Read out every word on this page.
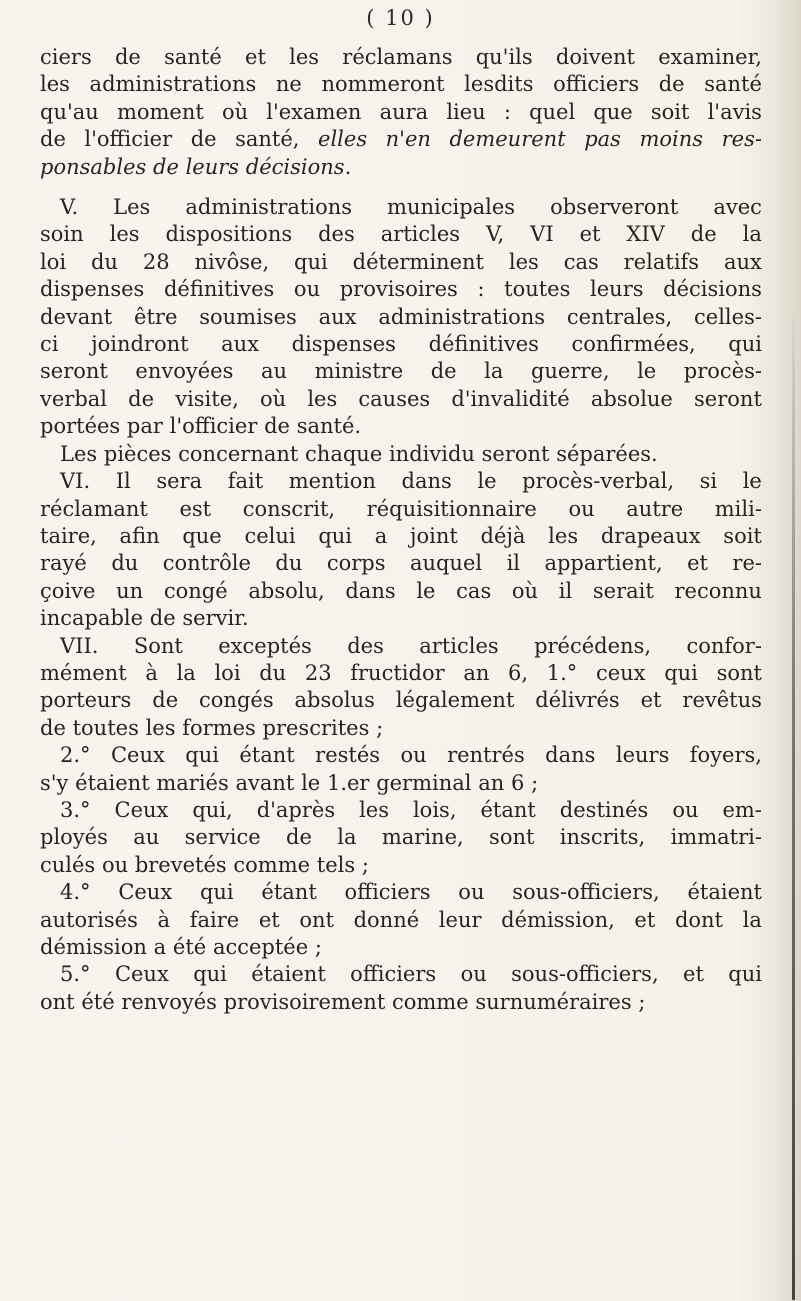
( 10 )
ciers de santé et les réclamans qu'ils doivent examiner,
les administrations ne nommeront lesdits officiers de santé
qu'au moment où l'examen aura lieu : quel que soit l'avis
de l'officier de santé, elles n'en demeurent pas moins res-
ponsables de leurs décisions.
V. Les administrations municipales observeront avec
soin les dispositions des articles V, VI et XIV de la
loi du 28 nivôse, qui déterminent les cas relatifs aux
dispenses définitives ou provisoires : toutes leurs décisions
devant être soumises aux administrations centrales, celles-
ci joindront aux dispenses définitives confirmées, qui
seront envoyées au ministre de la guerre, le procès-
verbal de visite, où les causes d'invalidité absolue seront
portées par l'officier de santé.
Les pièces concernant chaque individu seront séparées.
VI. Il sera fait mention dans le procès-verbal, si le
réclamant est conscrit, réquisitionnaire ou autre mili-
taire, afin que celui qui a joint déjà les drapeaux soit
rayé du contrôle du corps auquel il appartient, et re-
çoive un congé absolu, dans le cas où il serait reconnu
incapable de servir.
VII. Sont exceptés des articles précédens, confor-
mément à la loi du 23 fructidor an 6, 1.° ceux qui sont
porteurs de congés absolus légalement délivrés et revêtus
de toutes les formes prescrites ;
2.° Ceux qui étant restés ou rentrés dans leurs foyers,
s'y étaient mariés avant le 1.er germinal an 6 ;
3.° Ceux qui, d'après les lois, étant destinés ou em-
ployés au service de la marine, sont inscrits, immatri-
culés ou brevetés comme tels ;
4.° Ceux qui étant officiers ou sous-officiers, étaient
autorisés à faire et ont donné leur démission, et dont la
démission a été acceptée ;
5.° Ceux qui étaient officiers ou sous-officiers, et qui
ont été renvoyés provisoirement comme surnuméraires ;
